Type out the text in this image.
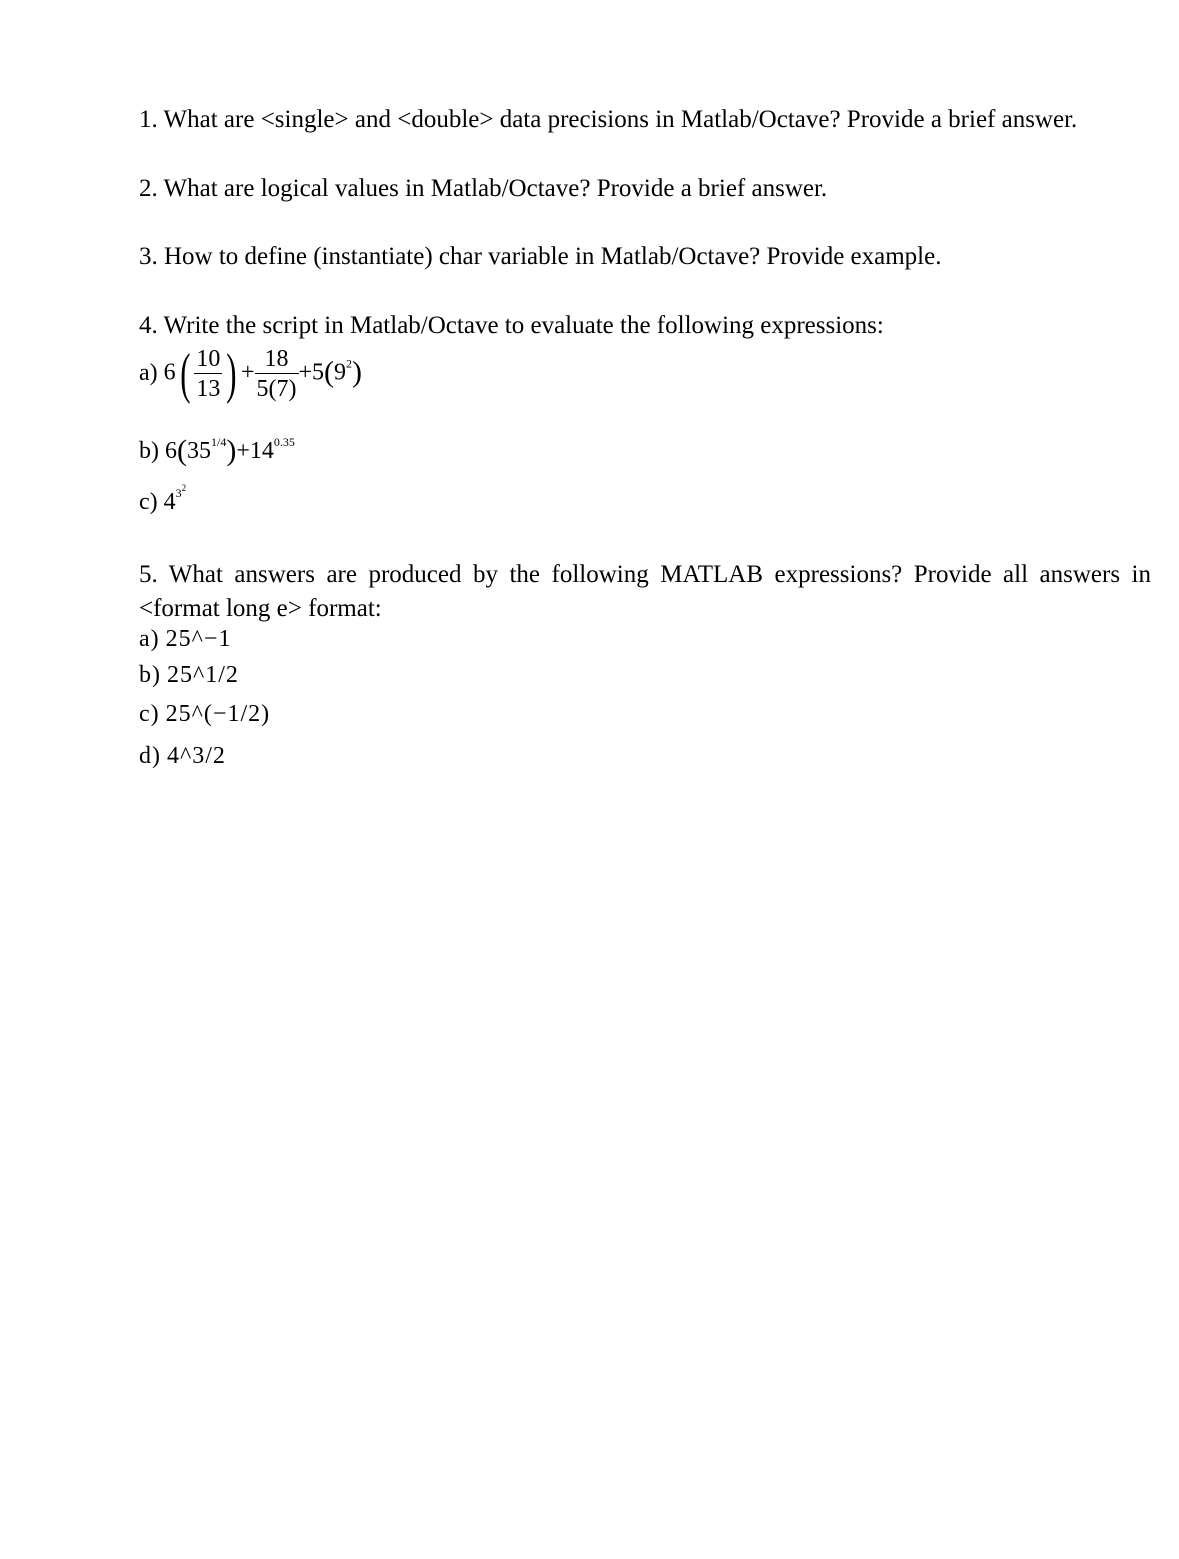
1. What are <single> and <double> data precisions in Matlab/Octave? Provide a brief answer.
2. What are logical values in Matlab/Octave? Provide a brief answer.
3. How to define (instantiate) char variable in Matlab/Octave? Provide example.
4. Write the script in Matlab/Octave to evaluate the following expressions:
a) $6( \frac{10}{13}$ ) + $\frac{18}{5(7)} +5(9^2)$
b) $6(35^{1/4})+14^{0.35}$
c) $4^{3^2}$
5. What answers are produced by the following MATLAB expressions? Provide all answers in <format long e> format:
a) 25^−1
b) 25^1/2
c) 25^(−1/2)
d) 4^3/2
